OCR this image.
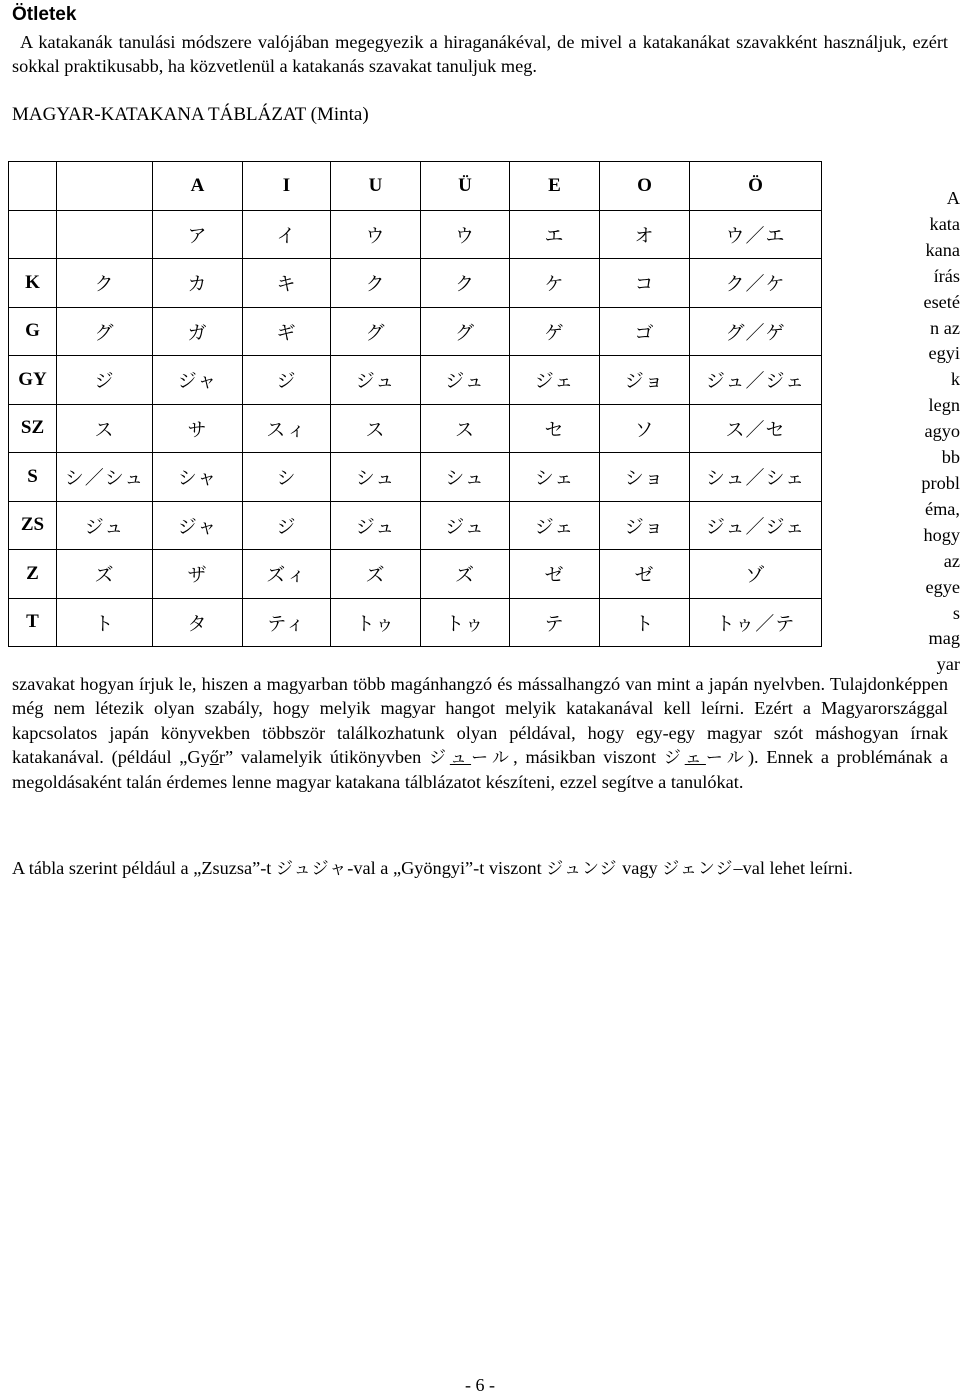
Ötletek
A katakanák tanulási módszere valójában megegyezik a hiraganákéval, de mivel a katakanákat szavakként használjuk, ezért sokkal praktikusabb, ha közvetlenül a katakanás szavakat tanuljuk meg.
MAGYAR-KATAKANA TÁBLÁZAT (Minta)
		A	I	U	Ü	E	O	Ö
		ア	イ	ウ	ウ	エ	オ	ウ／エ
K	ク	カ	キ	ク	ク	ケ	コ	ク／ケ
G	グ	ガ	ギ	グ	グ	ゲ	ゴ	グ／ゲ
GY	ジ	ジャ	ジ	ジュ	ジュ	ジェ	ジョ	ジュ／ジェ
SZ	ス	サ	スィ	ス	ス	セ	ソ	ス／セ
S	シ／シュ	シャ	シ	シュ	シュ	シェ	ショ	シュ／シェ
ZS	ジュ	ジャ	ジ	ジュ	ジュ	ジェ	ジョ	ジュ／ジェ
Z	ズ	ザ	ズィ	ズ	ズ	ゼ	ゼ	ゾ
T	ト	タ	ティ	トゥ	トゥ	テ	ト	トゥ／テ
A
kata
kana
írás
eseté
n az
egyi
k
legn
agyo
bb
probl
éma,
hogy
az
egye
s
mag
yar
szavakat hogyan írjuk le, hiszen a magyarban több magánhangzó és mássalhangzó van mint a japán nyelvben. Tulajdonképpen még nem létezik olyan szabály, hogy melyik magyar hangot melyik katakanával kell leírni. Ezért a Magyarországgal kapcsolatos japán könyvekben többször találkozhatunk olyan példával, hogy egy-egy magyar szót máshogyan írnak katakanával. (például „Győr” valamelyik útikönyvben ジュール, másikban viszont ジェール). Ennek a problémának a megoldásaként talán érdemes lenne magyar katakana tálblázatot készíteni, ezzel segítve a tanulókat.
A tábla szerint például a „Zsuzsa”-t ジュジャ-val a „Gyöngyi”-t viszont ジュンジ vagy ジェンジ–val lehet leírni.
- 6 -
